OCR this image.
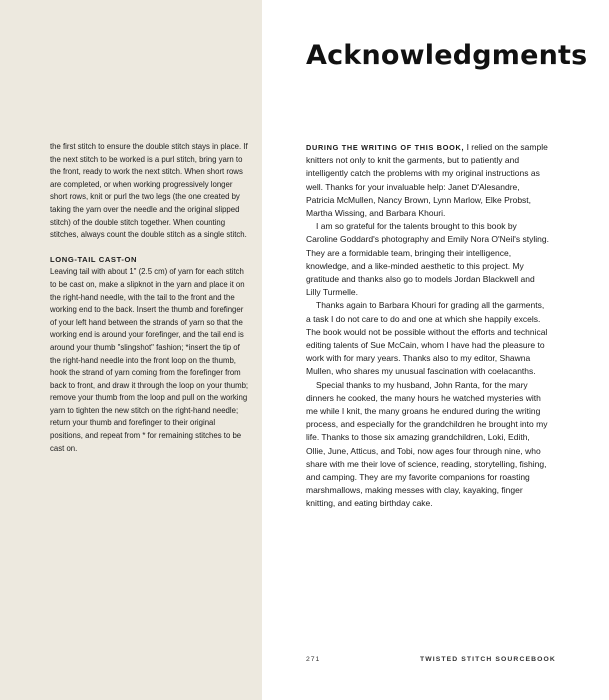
the first stitch to ensure the double stitch stays in place. If the next stitch to be worked is a purl stitch, bring yarn to the front, ready to work the next stitch. When short rows are completed, or when working progressively longer short rows, knit or purl the two legs (the one created by taking the yarn over the needle and the original slipped stitch) of the double stitch together. When counting stitches, always count the double stitch as a single stitch.

LONG-TAIL CAST-ON

Leaving tail with about 1" (2.5 cm) of yarn for each stitch to be cast on, make a slipknot in the yarn and place it on the right-hand needle, with the tail to the front and the working end to the back. Insert the thumb and forefinger of your left hand between the strands of yarn so that the working end is around your forefinger, and the tail end is around your thumb "slingshot" fashion; *insert the tip of the right-hand needle into the front loop on the thumb, hook the strand of yarn coming from the forefinger from back to front, and draw it through the loop on your thumb; remove your thumb from the loop and pull on the working yarn to tighten the new stitch on the right-hand needle; return your thumb and forefinger to their original positions, and repeat from * for remaining stitches to be cast on.

Acknowledgments

DURING THE WRITING OF THIS BOOK, I relied on the sample knitters not only to knit the garments, but to patiently and intelligently catch the problems with my original instructions as well. Thanks for your invaluable help: Janet D'Alesandre, Patricia McMullen, Nancy Brown, Lynn Marlow, Elke Probst, Martha Wissing, and Barbara Khouri.

I am so grateful for the talents brought to this book by Caroline Goddard's photography and Emily Nora O'Neil's styling. They are a formidable team, bringing their intelligence, knowledge, and a like-minded aesthetic to this project. My gratitude and thanks also go to models Jordan Blackwell and Lilly Turmelle.

Thanks again to Barbara Khouri for grading all the garments, a task I do not care to do and one at which she happily excels. The book would not be possible without the efforts and technical editing talents of Sue McCain, whom I have had the pleasure to work with for mary years. Thanks also to my editor, Shawna Mullen, who shares my unusual fascination with coelacanths.

Special thanks to my husband, John Ranta, for the mary dinners he cooked, the many hours he watched mysteries with me while I knit, the many groans he endured during the writing process, and especially for the grandchildren he brought into my life. Thanks to those six amazing grandchildren, Loki, Edith, Ollie, June, Atticus, and Tobi, now ages four through nine, who share with me their love of science, reading, storytelling, fishing, and camping. They are my favorite companions for roasting marshmallows, making messes with clay, kayaking, finger knitting, and eating birthday cake.

271	TWISTED STITCH SOURCEBOOK
